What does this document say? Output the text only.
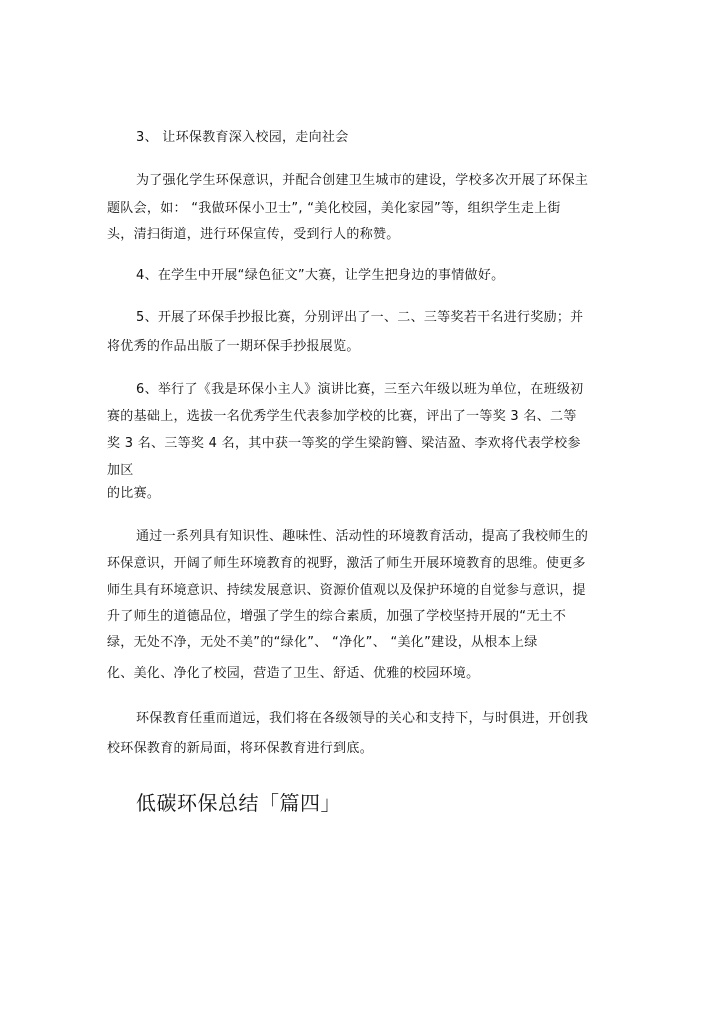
3、 让环保教育深入校园，走向社会
为了强化学生环保意识，并配合创建卫生城市的建设，学校多次开展了环保主
题队会，如： “我做环保小卫士”, “美化校园，美化家园”等，组织学生走上街
头，清扫街道，进行环保宣传，受到行人的称赞。
4、在学生中开展“绿色征文”大赛，让学生把身边的事情做好。
5、开展了环保手抄报比赛，分别评出了一、二、三等奖若干名进行奖励；并
将优秀的作品出版了一期环保手抄报展览。
6、举行了《我是环保小主人》演讲比赛，三至六年级以班为单位，在班级初
赛的基础上，选拔一名优秀学生代表参加学校的比赛，评出了一等奖 3 名、二等
奖 3 名、三等奖 4 名，其中获一等奖的学生梁韵簪、梁洁盈、李欢将代表学校参
加区
的比赛。
通过一系列具有知识性、趣味性、活动性的环境教育活动，提高了我校师生的
环保意识，开阔了师生环境教育的视野，激活了师生开展环境教育的思维。使更多
师生具有环境意识、持续发展意识、资源价值观以及保护环境的自觉参与意识，提
升了师生的道德品位，增强了学生的综合素质，加强了学校坚持开展的“无土不
绿，无处不净，无处不美”的“绿化”、 “净化”、 “美化”建设，从根本上绿
化、美化、净化了校园，营造了卫生、舒适、优雅的校园环境。
环保教育任重而道远，我们将在各级领导的关心和支持下，与时俱进，开创我
校环保教育的新局面，将环保教育进行到底。
低碳环保总结「篇四」
